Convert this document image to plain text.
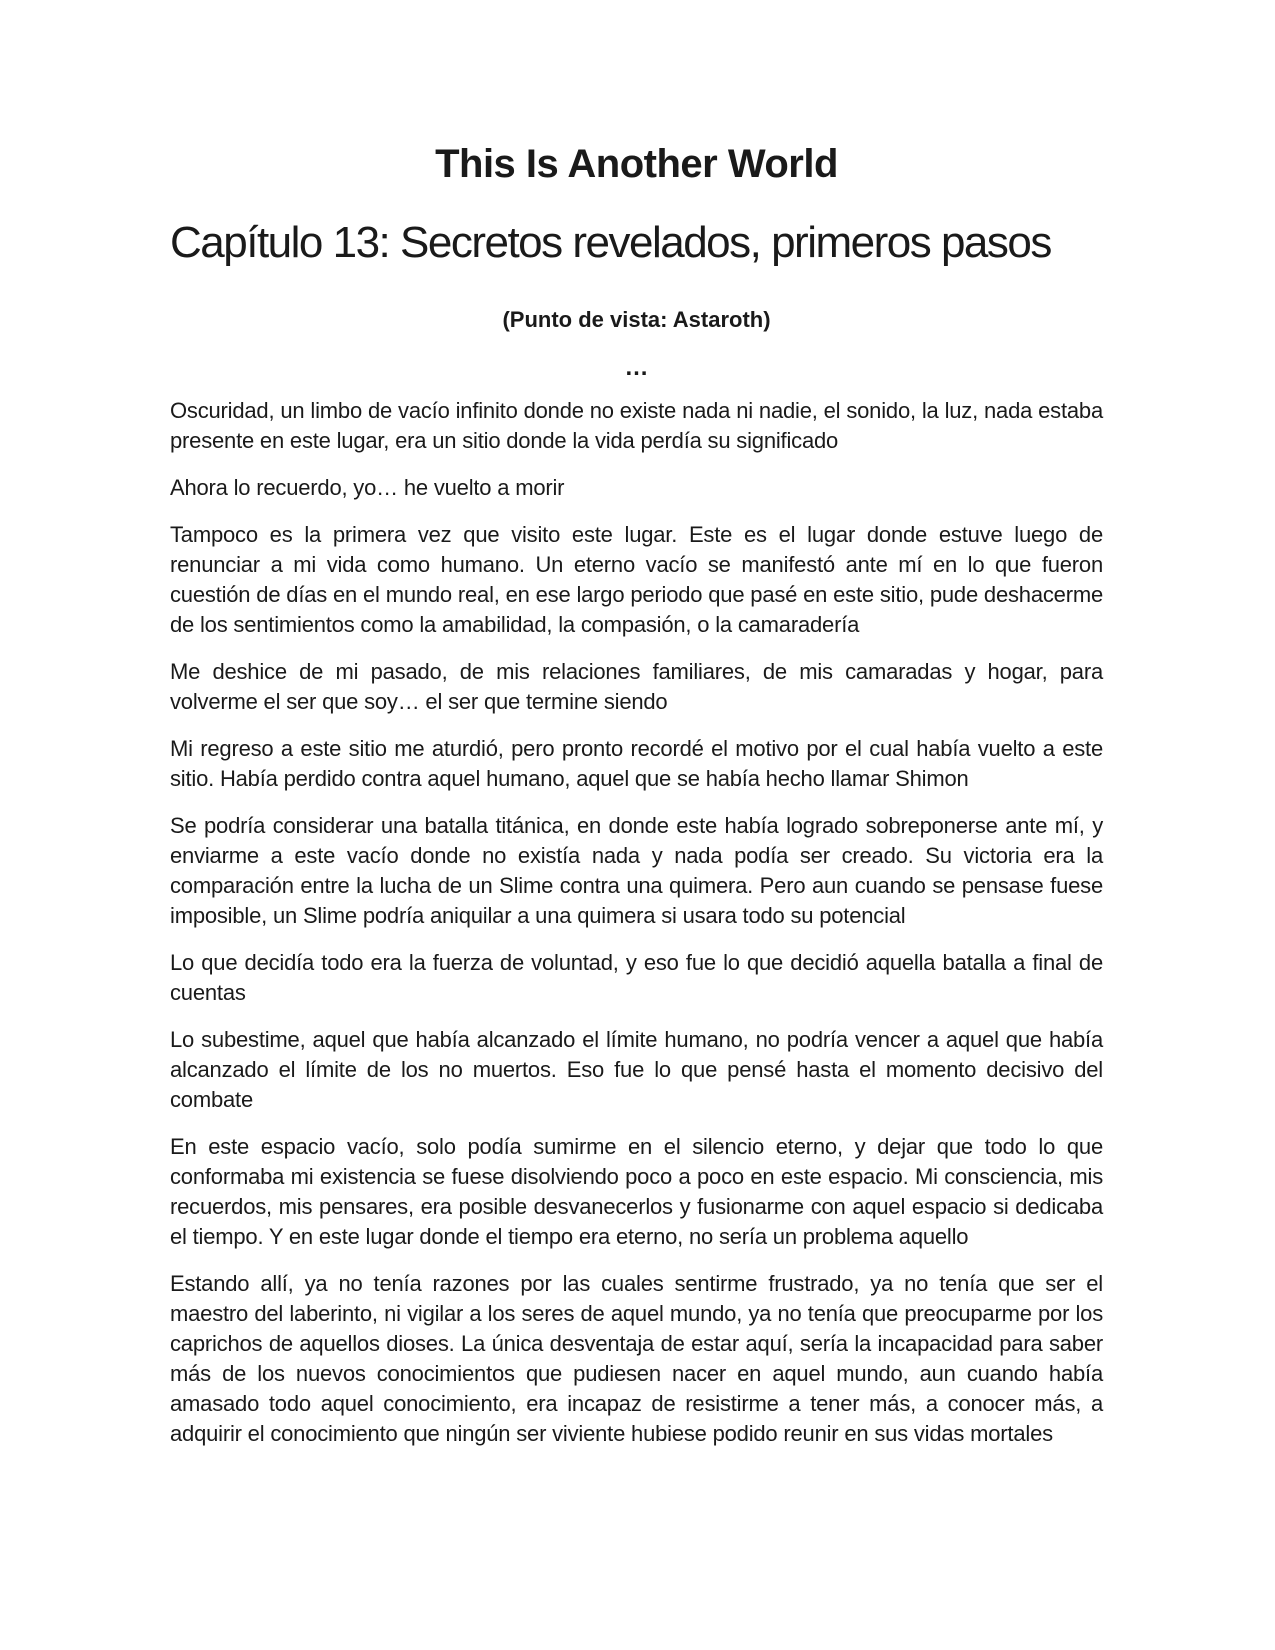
This Is Another World
Capítulo 13: Secretos revelados, primeros pasos
(Punto de vista: Astaroth)
…

Oscuridad, un limbo de vacío infinito donde no existe nada ni nadie, el sonido, la luz, nada estaba presente en este lugar, era un sitio donde la vida perdía su significado

Ahora lo recuerdo, yo… he vuelto a morir

Tampoco es la primera vez que visito este lugar. Este es el lugar donde estuve luego de renunciar a mi vida como humano. Un eterno vacío se manifestó ante mí en lo que fueron cuestión de días en el mundo real, en ese largo periodo que pasé en este sitio, pude deshacerme de los sentimientos como la amabilidad, la compasión, o la camaradería

Me deshice de mi pasado, de mis relaciones familiares, de mis camaradas y hogar, para volverme el ser que soy… el ser que termine siendo

Mi regreso a este sitio me aturdió, pero pronto recordé el motivo por el cual había vuelto a este sitio. Había perdido contra aquel humano, aquel que se había hecho llamar Shimon

Se podría considerar una batalla titánica, en donde este había logrado sobreponerse ante mí, y enviarme a este vacío donde no existía nada y nada podía ser creado. Su victoria era la comparación entre la lucha de un Slime contra una quimera. Pero aun cuando se pensase fuese imposible, un Slime podría aniquilar a una quimera si usara todo su potencial

Lo que decidía todo era la fuerza de voluntad, y eso fue lo que decidió aquella batalla a final de cuentas

Lo subestime, aquel que había alcanzado el límite humano, no podría vencer a aquel que había alcanzado el límite de los no muertos. Eso fue lo que pensé hasta el momento decisivo del combate

En este espacio vacío, solo podía sumirme en el silencio eterno, y dejar que todo lo que conformaba mi existencia se fuese disolviendo poco a poco en este espacio. Mi consciencia, mis recuerdos, mis pensares, era posible desvanecerlos y fusionarme con aquel espacio si dedicaba el tiempo. Y en este lugar donde el tiempo era eterno, no sería un problema aquello

Estando allí, ya no tenía razones por las cuales sentirme frustrado, ya no tenía que ser el maestro del laberinto, ni vigilar a los seres de aquel mundo, ya no tenía que preocuparme por los caprichos de aquellos dioses. La única desventaja de estar aquí, sería la incapacidad para saber más de los nuevos conocimientos que pudiesen nacer en aquel mundo, aun cuando había amasado todo aquel conocimiento, era incapaz de resistirme a tener más, a conocer más, a adquirir el conocimiento que ningún ser viviente hubiese podido reunir en sus vidas mortales
